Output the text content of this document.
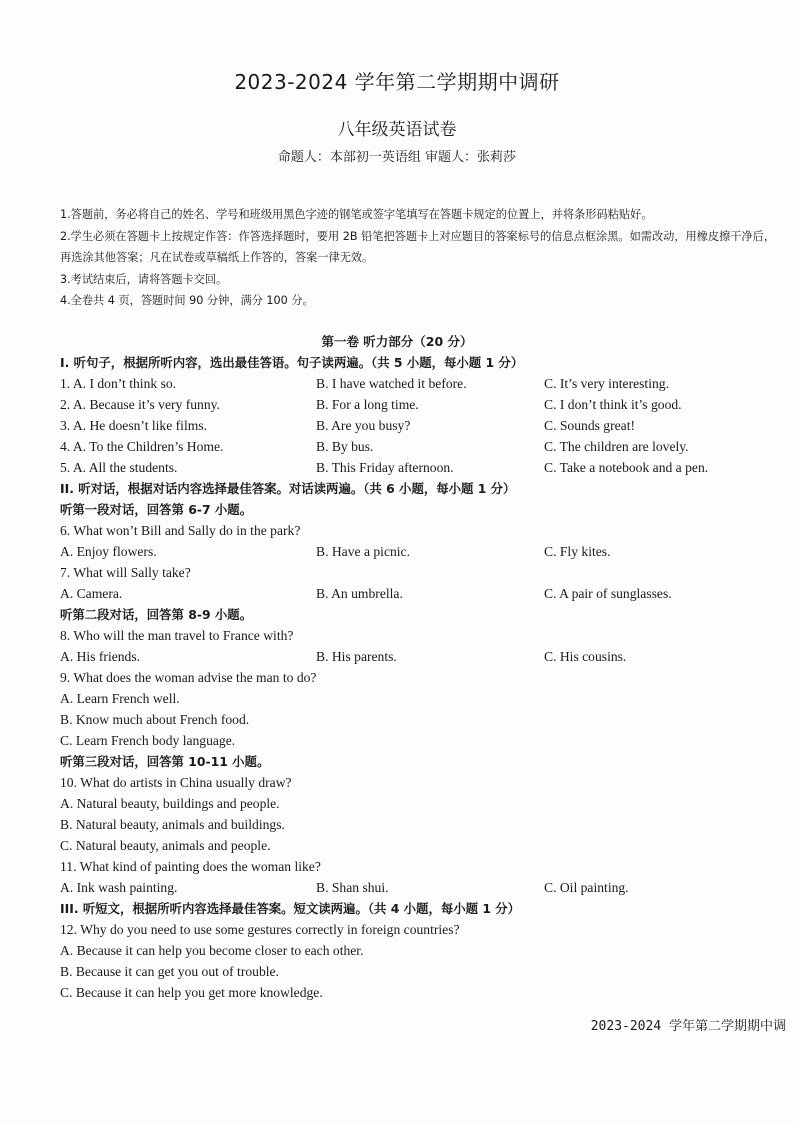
2023-2024 学年第二学期期中调研
八年级英语试卷
命题人：本部初一英语组 审题人：张莉莎

1.答题前，务必将自己的姓名、学号和班级用黑色字迹的钢笔或签字笔填写在答题卡规定的位置上，并将条形码粘贴好。

2.学生必须在答题卡上按规定作答：作答选择题时，要用 2B 铅笔把答题卡上对应题目的答案标号的信息点框涂黑。如需改动，用橡皮擦干净后，再选涂其他答案；凡在试卷或草稿纸上作答的，答案一律无效。

3.考试结束后，请将答题卡交回。

4.全卷共 4 页，答题时间 90 分钟，满分 100 分。

第一卷 听力部分（20 分）
I. 听句子，根据所听内容，选出最佳答语。句子读两遍。（共 5 小题，每小题 1 分）
1. A. I don’t think so.	B. I have watched it before.	C. It’s very interesting.
2. A. Because it’s very funny.	B. For a long time.	C. I don’t think it’s good.
3. A. He doesn’t like films.	B. Are you busy?	C. Sounds great!
4. A. To the Children’s Home.	B. By bus.	C. The children are lovely.
5. A. All the students.	B. This Friday afternoon.	C. Take a notebook and a pen.
II. 听对话，根据对话内容选择最佳答案。对话读两遍。（共 6 小题，每小题 1 分）
听第一段对话，回答第 6-7 小题。
6. What won’t Bill and Sally do in the park?
A. Enjoy flowers.	B. Have a picnic.	C. Fly kites.
7. What will Sally take?
A. Camera.	B. An umbrella.	C. A pair of sunglasses.
听第二段对话，回答第 8-9 小题。
8. Who will the man travel to France with?
A. His friends.	B. His parents.	C. His cousins.
9. What does the woman advise the man to do?
A. Learn French well.
B. Know much about French food.
C. Learn French body language.
听第三段对话，回答第 10-11 小题。
10. What do artists in China usually draw?
A. Natural beauty, buildings and people.
B. Natural beauty, animals and buildings.
C. Natural beauty, animals and people.
11. What kind of painting does the woman like?
A. Ink wash painting.	B. Shan shui.	C. Oil painting.
III. 听短文，根据所听内容选择最佳答案。短文读两遍。（共 4 小题，每小题 1 分）
12. Why do you need to use some gestures correctly in foreign countries?
A. Because it can help you become closer to each other.
B. Because it can get you out of trouble.
C. Because it can help you get more knowledge.
2023-2024 学年第二学期期中调
